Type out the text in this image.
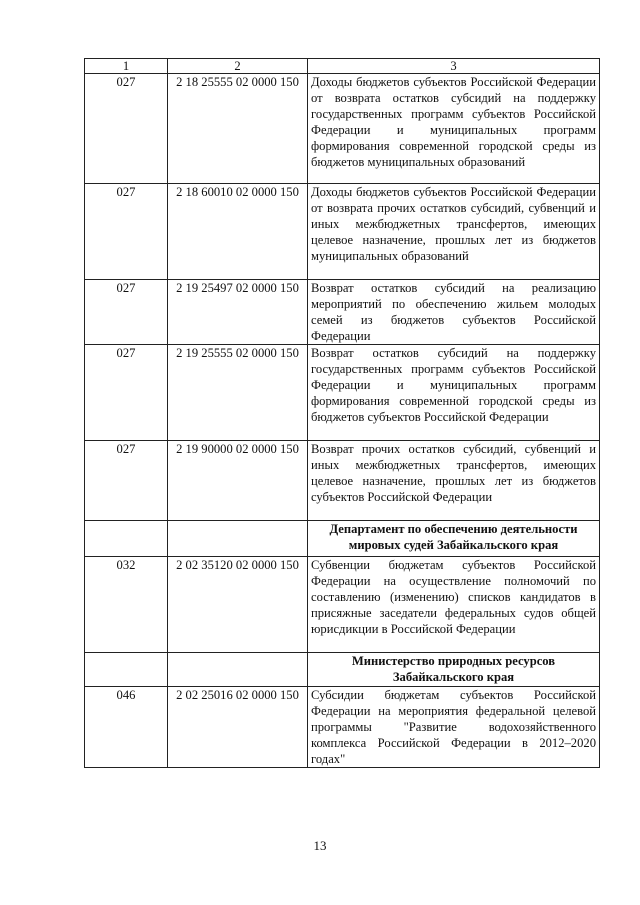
1	2	3
027	2 18 25555 02 0000 150	Доходы бюджетов субъектов Российской Федерации от возврата остатков субсидий на поддержку государственных программ субъектов Российской Федерации и муниципальных программ формирования современной городской среды из бюджетов муниципальных образований
027	2 18 60010 02 0000 150	Доходы бюджетов субъектов Российской Федерации от возврата прочих остатков субсидий, субвенций и иных межбюджетных трансфертов, имеющих целевое назначение, прошлых лет из бюджетов муниципальных образований
027	2 19 25497 02 0000 150	Возврат остатков субсидий на реализацию мероприятий по обеспечению жильем молодых семей из бюджетов субъектов Российской Федерации
027	2 19 25555 02 0000 150	Возврат остатков субсидий на поддержку государственных программ субъектов Российской Федерации и муниципальных программ формирования современной городской среды из бюджетов субъектов Российской Федерации
027	2 19 90000 02 0000 150	Возврат прочих остатков субсидий, субвенций и иных межбюджетных трансфертов, имеющих целевое назначение, прошлых лет из бюджетов субъектов Российской Федерации
		Департамент по обеспечению деятельности мировых судей Забайкальского края
032	2 02 35120 02 0000 150	Субвенции бюджетам субъектов Российской Федерации на осуществление полномочий по составлению (изменению) списков кандидатов в присяжные заседатели федеральных судов общей юрисдикции в Российской Федерации
		Министерство природных ресурсов Забайкальского края
046	2 02 25016 02 0000 150	Субсидии бюджетам субъектов Российской Федерации на мероприятия федеральной целевой программы "Развитие водохозяйственного комплекса Российской Федерации в 2012–2020 годах"
13
